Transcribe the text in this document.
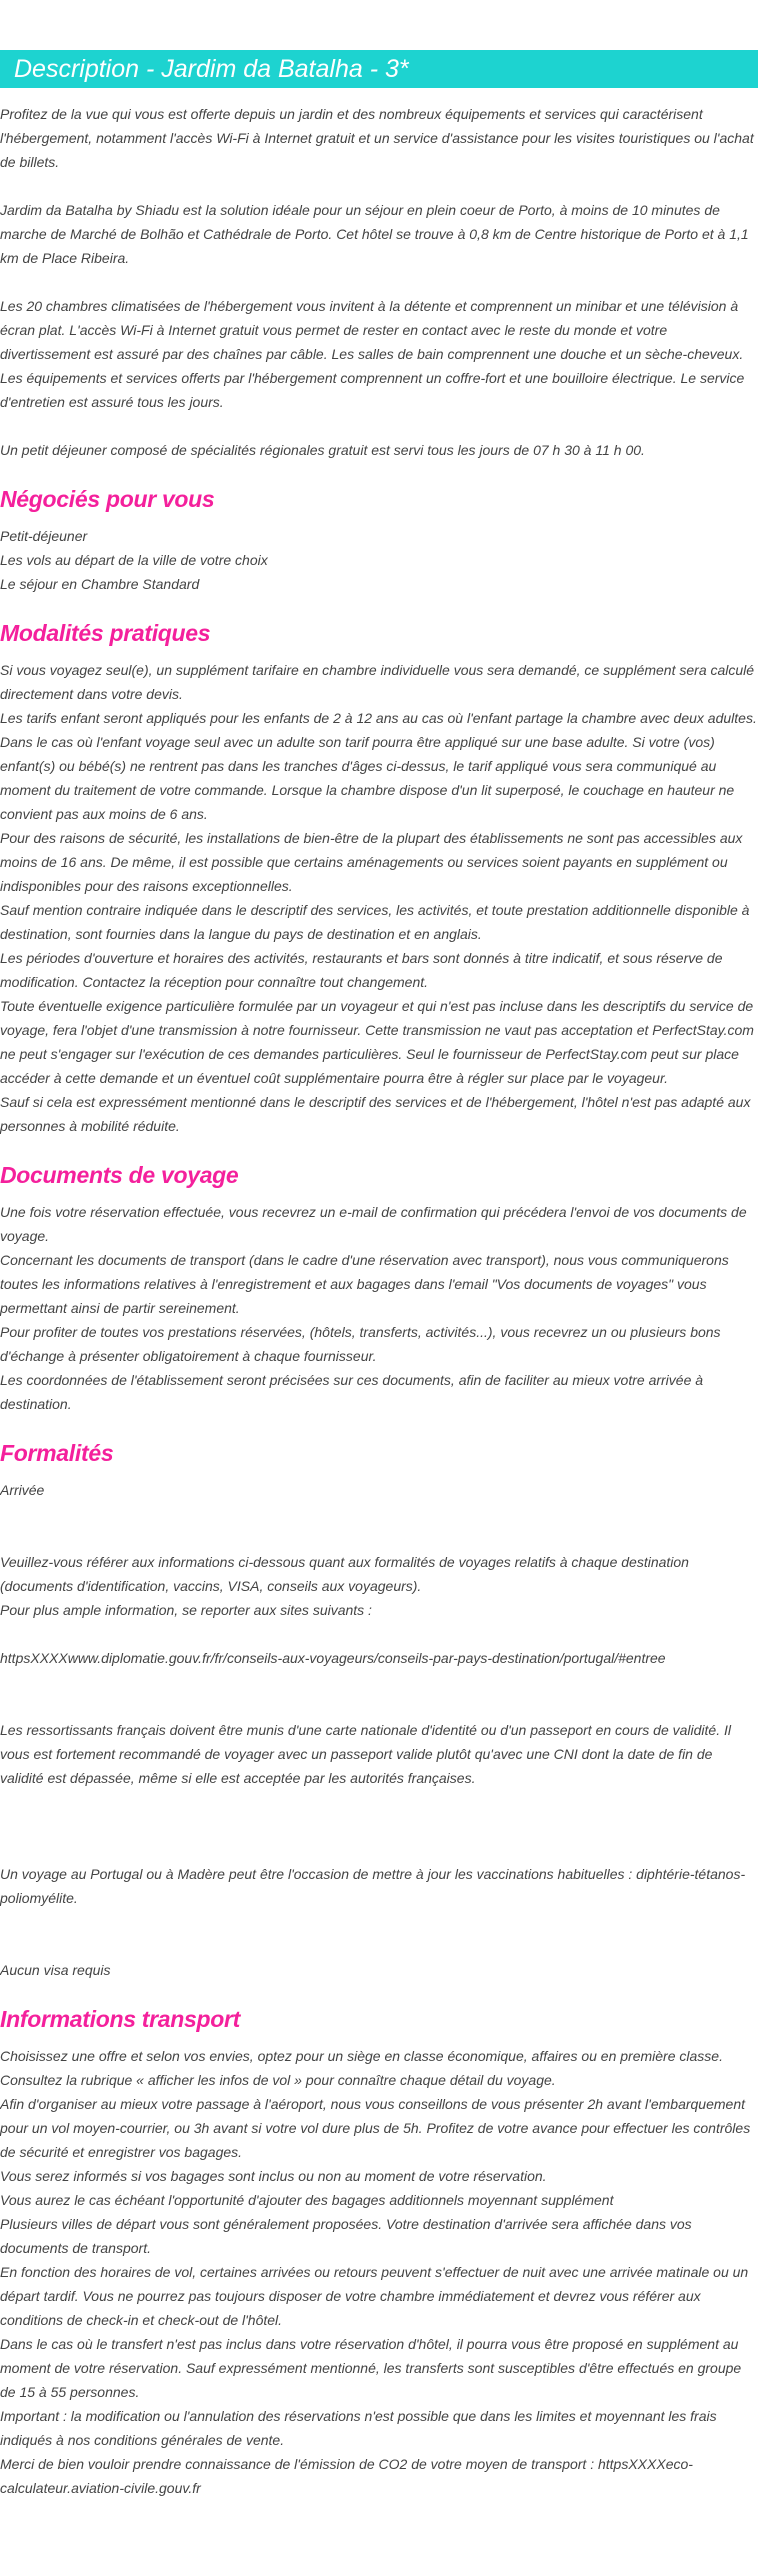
Description - Jardim da Batalha - 3*

Profitez de la vue qui vous est offerte depuis un jardin et des nombreux équipements et services qui caractérisent l'hébergement, notamment l'accès Wi-Fi à Internet gratuit et un service d'assistance pour les visites touristiques ou l'achat de billets.

Jardim da Batalha by Shiadu est la solution idéale pour un séjour en plein coeur de Porto, à moins de 10 minutes de marche de Marché de Bolhão et Cathédrale de Porto. Cet hôtel se trouve à 0,8 km de Centre historique de Porto et à 1,1 km de Place Ribeira.

Les 20 chambres climatisées de l'hébergement vous invitent à la détente et comprennent un minibar et une télévision à écran plat. L'accès Wi-Fi à Internet gratuit vous permet de rester en contact avec le reste du monde et votre divertissement est assuré par des chaînes par câble. Les salles de bain comprennent une douche et un sèche-cheveux. Les équipements et services offerts par l'hébergement comprennent un coffre-fort et une bouilloire électrique. Le service d'entretien est assuré tous les jours.

Un petit déjeuner composé de spécialités régionales gratuit est servi tous les jours de 07 h 30 à 11 h 00.

Négociés pour vous

Petit-déjeuner

Les vols au départ de la ville de votre choix

Le séjour en Chambre Standard

Modalités pratiques

Si vous voyagez seul(e), un supplément tarifaire en chambre individuelle vous sera demandé, ce supplément sera calculé directement dans votre devis.

Les tarifs enfant seront appliqués pour les enfants de 2 à 12 ans au cas où l'enfant partage la chambre avec deux adultes. Dans le cas où l'enfant voyage seul avec un adulte son tarif pourra être appliqué sur une base adulte. Si votre (vos) enfant(s) ou bébé(s) ne rentrent pas dans les tranches d'âges ci-dessus, le tarif appliqué vous sera communiqué au moment du traitement de votre commande. Lorsque la chambre dispose d'un lit superposé, le couchage en hauteur ne convient pas aux moins de 6 ans.

Pour des raisons de sécurité, les installations de bien-être de la plupart des établissements ne sont pas accessibles aux moins de 16 ans. De même, il est possible que certains aménagements ou services soient payants en supplément ou indisponibles pour des raisons exceptionnelles.

Sauf mention contraire indiquée dans le descriptif des services, les activités, et toute prestation additionnelle disponible à destination, sont fournies dans la langue du pays de destination et en anglais.

Les périodes d'ouverture et horaires des activités, restaurants et bars sont donnés à titre indicatif, et sous réserve de modification. Contactez la réception pour connaître tout changement.

Toute éventuelle exigence particulière formulée par un voyageur et qui n'est pas incluse dans les descriptifs du service de voyage, fera l'objet d'une transmission à notre fournisseur. Cette transmission ne vaut pas acceptation et PerfectStay.com ne peut s'engager sur l'exécution de ces demandes particulières. Seul le fournisseur de PerfectStay.com peut sur place accéder à cette demande et un éventuel coût supplémentaire pourra être à régler sur place par le voyageur.

Sauf si cela est expressément mentionné dans le descriptif des services et de l'hébergement, l'hôtel n'est pas adapté aux personnes à mobilité réduite.

Documents de voyage

Une fois votre réservation effectuée, vous recevrez un e-mail de confirmation qui précédera l'envoi de vos documents de voyage.

Concernant les documents de transport (dans le cadre d'une réservation avec transport), nous vous communiquerons toutes les informations relatives à l'enregistrement et aux bagages dans l'email "Vos documents de voyages" vous permettant ainsi de partir sereinement.

Pour profiter de toutes vos prestations réservées, (hôtels, transferts, activités...), vous recevrez un ou plusieurs bons d'échange à présenter obligatoirement à chaque fournisseur.

Les coordonnées de l'établissement seront précisées sur ces documents, afin de faciliter au mieux votre arrivée à destination.

Formalités

Arrivée

Veuillez-vous référer aux informations ci-dessous quant aux formalités de voyages relatifs à chaque destination (documents d'identification, vaccins, VISA, conseils aux voyageurs).

Pour plus ample information, se reporter aux sites suivants :

httpsXXXXwww.diplomatie.gouv.fr/fr/conseils-aux-voyageurs/conseils-par-pays-destination/portugal/#entree

Les ressortissants français doivent être munis d'une carte nationale d'identité ou d'un passeport en cours de validité. Il vous est fortement recommandé de voyager avec un passeport valide plutôt qu'avec une CNI dont la date de fin de validité est dépassée, même si elle est acceptée par les autorités françaises.

Un voyage au Portugal ou à Madère peut être l'occasion de mettre à jour les vaccinations habituelles : diphtérie-tétanos-poliomyélite.

Aucun visa requis

Informations transport

Choisissez une offre et selon vos envies, optez pour un siège en classe économique, affaires ou en première classe. Consultez la rubrique « afficher les infos de vol » pour connaître chaque détail du voyage.

Afin d'organiser au mieux votre passage à l'aéroport, nous vous conseillons de vous présenter 2h avant l'embarquement pour un vol moyen-courrier, ou 3h avant si votre vol dure plus de 5h. Profitez de votre avance pour effectuer les contrôles de sécurité et enregistrer vos bagages.

Vous serez informés si vos bagages sont inclus ou non au moment de votre réservation.

Vous aurez le cas échéant l'opportunité d'ajouter des bagages additionnels moyennant supplément

Plusieurs villes de départ vous sont généralement proposées. Votre destination d'arrivée sera affichée dans vos documents de transport.

En fonction des horaires de vol, certaines arrivées ou retours peuvent s'effectuer de nuit avec une arrivée matinale ou un départ tardif. Vous ne pourrez pas toujours disposer de votre chambre immédiatement et devrez vous référer aux conditions de check-in et check-out de l'hôtel.

Dans le cas où le transfert n'est pas inclus dans votre réservation d'hôtel, il pourra vous être proposé en supplément au moment de votre réservation. Sauf expressément mentionné, les transferts sont susceptibles d'être effectués en groupe de 15 à 55 personnes.

Important : la modification ou l'annulation des réservations n'est possible que dans les limites et moyennant les frais indiqués à nos conditions générales de vente.

Merci de bien vouloir prendre connaissance de l'émission de CO2 de votre moyen de transport : httpsXXXXeco-calculateur.aviation-civile.gouv.fr
